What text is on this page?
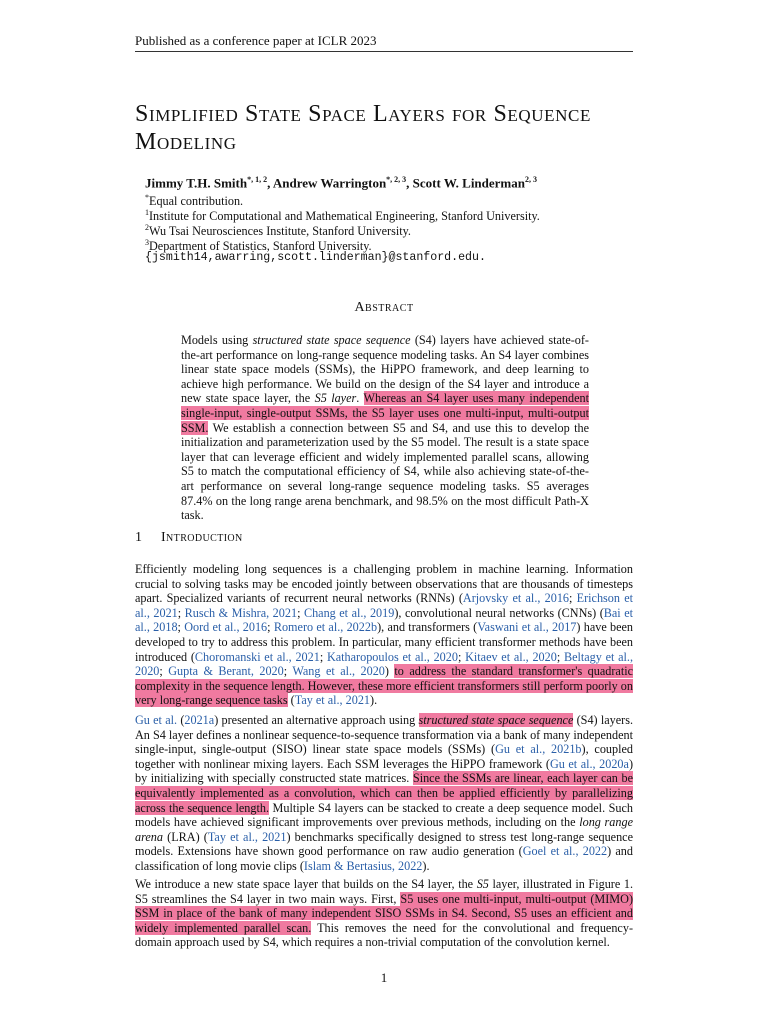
Published as a conference paper at ICLR 2023
Simplified State Space Layers for Sequence Modeling
Jimmy T.H. Smith$^{*, 1, 2}$, Andrew Warrington$^{*, 2, 3}$, Scott W. Linderman$^{2, 3}$
*Equal contribution.
$^1$Institute for Computational and Mathematical Engineering, Stanford University.
$^2$Wu Tsai Neurosciences Institute, Stanford University.
$^3$Department of Statistics, Stanford University.
{jsmith14,awarring,scott.linderman}@stanford.edu.
Abstract
Models using structured state space sequence (S4) layers have achieved state-of-the-art performance on long-range sequence modeling tasks. An S4 layer combines linear state space models (SSMs), the HiPPO framework, and deep learning to achieve high performance. We build on the design of the S4 layer and introduce a new state space layer, the S5 layer. Whereas an S4 layer uses many independent single-input, single-output SSMs, the S5 layer uses one multi-input, multi-output SSM. We establish a connection between S5 and S4, and use this to develop the initialization and parameterization used by the S5 model. The result is a state space layer that can leverage efficient and widely implemented parallel scans, allowing S5 to match the computational efficiency of S4, while also achieving state-of-the-art performance on several long-range sequence modeling tasks. S5 averages 87.4% on the long range arena benchmark, and 98.5% on the most difficult Path-X task.
1 Introduction
Efficiently modeling long sequences is a challenging problem in machine learning. Information crucial to solving tasks may be encoded jointly between observations that are thousands of timesteps apart. Specialized variants of recurrent neural networks (RNNs) (Arjovsky et al., 2016; Erichson et al., 2021; Rusch & Mishra, 2021; Chang et al., 2019), convolutional neural networks (CNNs) (Bai et al., 2018; Oord et al., 2016; Romero et al., 2022b), and transformers (Vaswani et al., 2017) have been developed to try to address this problem. In particular, many efficient transformer methods have been introduced (Choromanski et al., 2021; Katharopoulos et al., 2020; Kitaev et al., 2020; Beltagy et al., 2020; Gupta & Berant, 2020; Wang et al., 2020) to address the standard transformer's quadratic complexity in the sequence length. However, these more efficient transformers still perform poorly on very long-range sequence tasks (Tay et al., 2021).
Gu et al. (2021a) presented an alternative approach using structured state space sequence (S4) layers. An S4 layer defines a nonlinear sequence-to-sequence transformation via a bank of many independent single-input, single-output (SISO) linear state space models (SSMs) (Gu et al., 2021b), coupled together with nonlinear mixing layers. Each SSM leverages the HiPPO framework (Gu et al., 2020a) by initializing with specially constructed state matrices. Since the SSMs are linear, each layer can be equivalently implemented as a convolution, which can then be applied efficiently by parallelizing across the sequence length. Multiple S4 layers can be stacked to create a deep sequence model. Such models have achieved significant improvements over previous methods, including on the long range arena (LRA) (Tay et al., 2021) benchmarks specifically designed to stress test long-range sequence models. Extensions have shown good performance on raw audio generation (Goel et al., 2022) and classification of long movie clips (Islam & Bertasius, 2022).
We introduce a new state space layer that builds on the S4 layer, the S5 layer, illustrated in Figure 1. S5 streamlines the S4 layer in two main ways. First, S5 uses one multi-input, multi-output (MIMO) SSM in place of the bank of many independent SISO SSMs in S4. Second, S5 uses an efficient and widely implemented parallel scan. This removes the need for the convolutional and frequency-domain approach used by S4, which requires a non-trivial computation of the convolution kernel.
1
